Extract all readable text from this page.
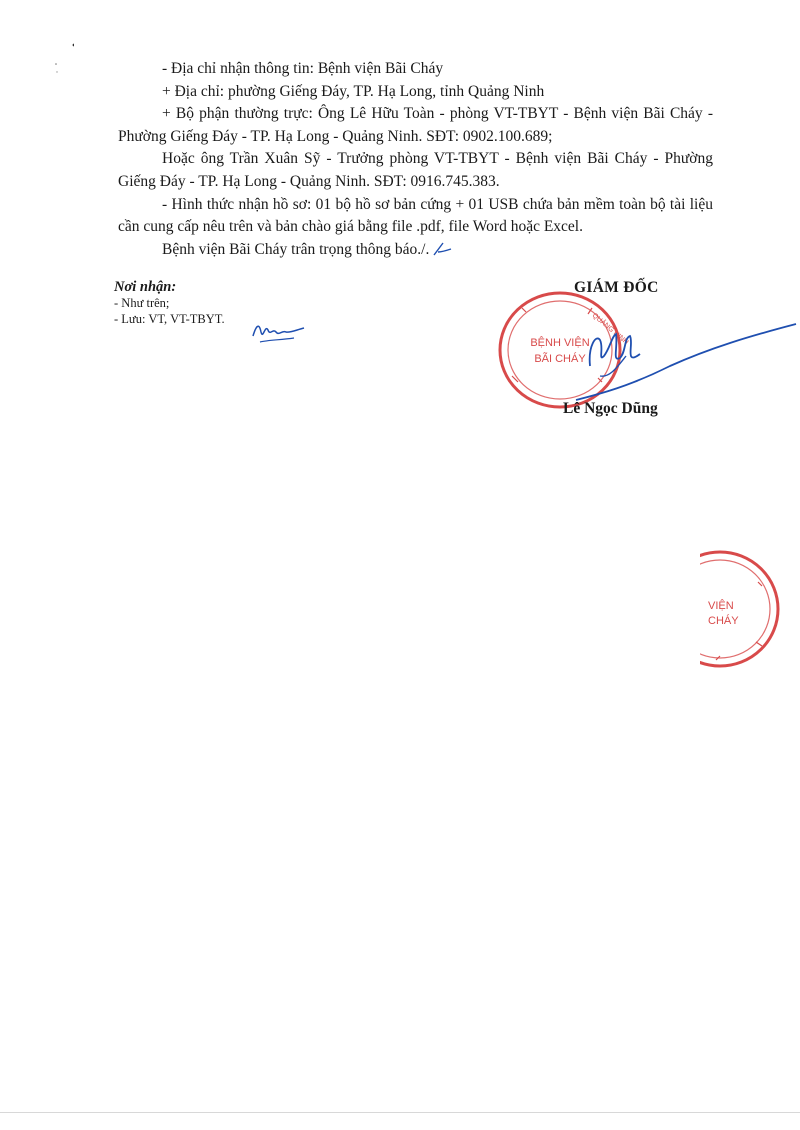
- Địa chỉ nhận thông tin: Bệnh viện Bãi Cháy

+ Địa chỉ: phường Giếng Đáy, TP. Hạ Long, tỉnh Quảng Ninh

+ Bộ phận thường trực: Ông Lê Hữu Toàn - phòng VT-TBYT - Bệnh viện Bãi Cháy - Phường Giếng Đáy - TP. Hạ Long - Quảng Ninh. SĐT: 0902.100.689;

Hoặc ông Trần Xuân Sỹ - Trưởng phòng VT-TBYT - Bệnh viện Bãi Cháy - Phường Giếng Đáy - TP. Hạ Long - Quảng Ninh. SĐT: 0916.745.383.

- Hình thức nhận hồ sơ: 01 bộ hồ sơ bản cứng + 01 USB chứa bản mềm toàn bộ tài liệu cần cung cấp nêu trên và bản chào giá bằng file .pdf, file Word hoặc Excel.

Bệnh viện Bãi Cháy trân trọng thông báo./.

Nơi nhận:
- Như trên;
- Lưu: VT, VT-TBYT.
GIÁM ĐỐC
BỆNH VIỆN
BÃI CHÁY
QUẢNG NINH
Lê Ngọc Dũng
VIỆN
CHÁY
